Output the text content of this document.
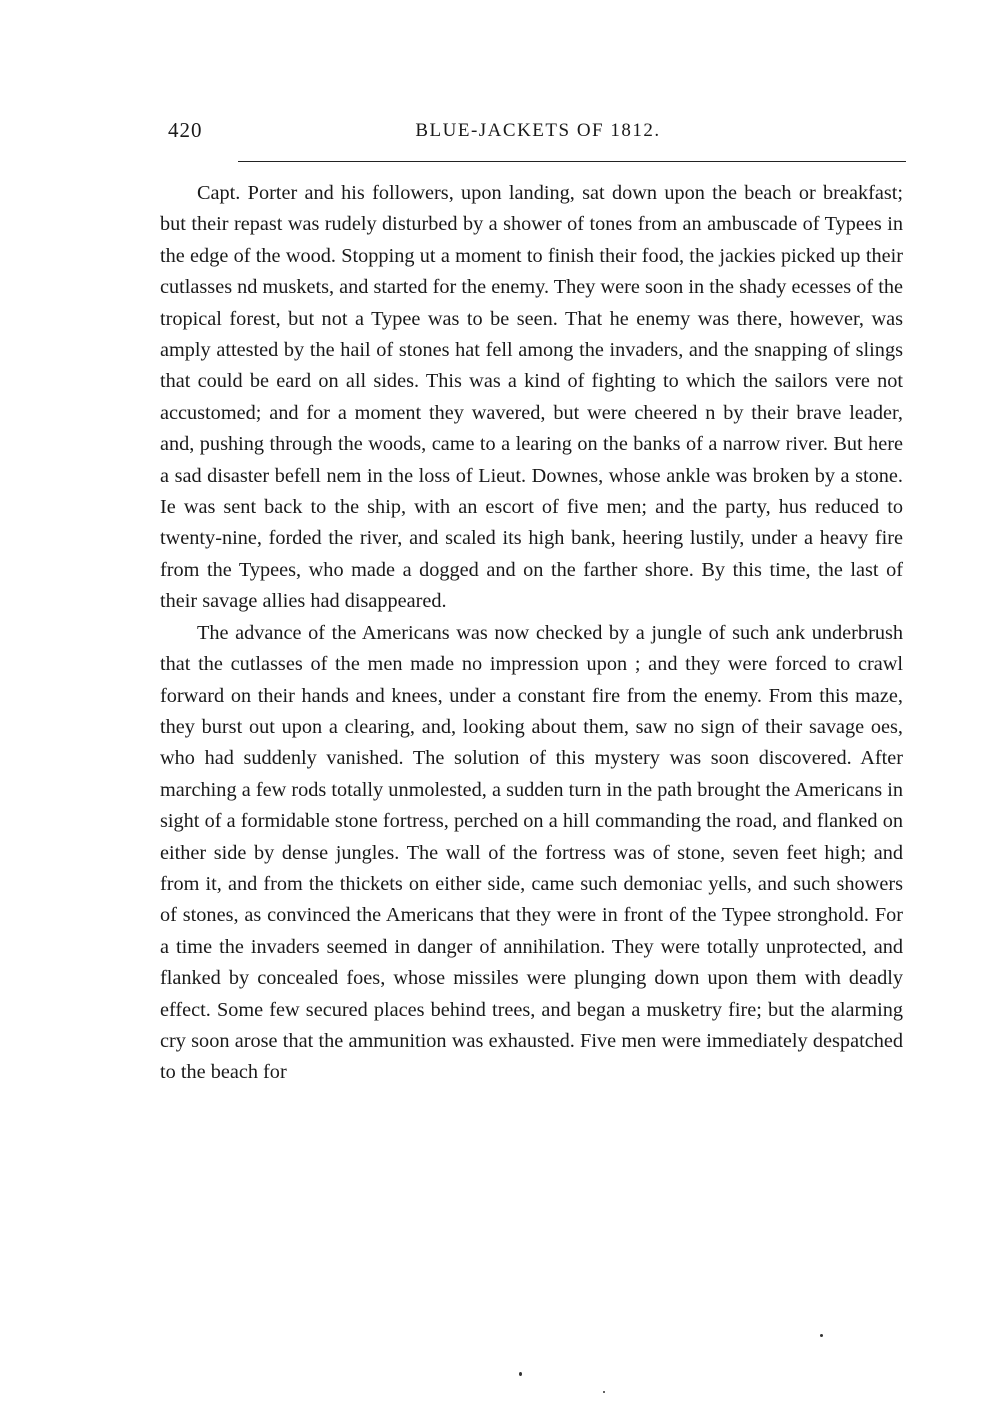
420	BLUE-JACKETS OF 1812.

Capt. Porter and his followers, upon landing, sat down upon the beach or breakfast; but their repast was rudely disturbed by a shower of tones from an ambuscade of Typees in the edge of the wood. Stopping ut a moment to finish their food, the jackies picked up their cutlasses nd muskets, and started for the enemy. They were soon in the shady ecesses of the tropical forest, but not a Typee was to be seen. That he enemy was there, however, was amply attested by the hail of stones hat fell among the invaders, and the snapping of slings that could be eard on all sides. This was a kind of fighting to which the sailors vere not accustomed; and for a moment they wavered, but were cheered n by their brave leader, and, pushing through the woods, came to a learing on the banks of a narrow river. But here a sad disaster befell nem in the loss of Lieut. Downes, whose ankle was broken by a stone. Ie was sent back to the ship, with an escort of five men; and the party, hus reduced to twenty-nine, forded the river, and scaled its high bank, heering lustily, under a heavy fire from the Typees, who made a dogged and on the farther shore. By this time, the last of their savage allies had disappeared.

The advance of the Americans was now checked by a jungle of such ank underbrush that the cutlasses of the men made no impression upon ; and they were forced to crawl forward on their hands and knees, under a constant fire from the enemy. From this maze, they burst out upon a clearing, and, looking about them, saw no sign of their savage oes, who had suddenly vanished. The solution of this mystery was soon discovered. After marching a few rods totally unmolested, a sudden turn in the path brought the Americans in sight of a formidable stone fortress, perched on a hill commanding the road, and flanked on either side by dense jungles. The wall of the fortress was of stone, seven feet high; and from it, and from the thickets on either side, came such demoniac yells, and such showers of stones, as convinced the Americans that they were in front of the Typee stronghold. For a time the invaders seemed in danger of annihilation. They were totally unprotected, and flanked by concealed foes, whose missiles were plunging down upon them with deadly effect. Some few secured places behind trees, and began a musketry fire; but the alarming cry soon arose that the ammunition was exhausted. Five men were immediately despatched to the beach for
